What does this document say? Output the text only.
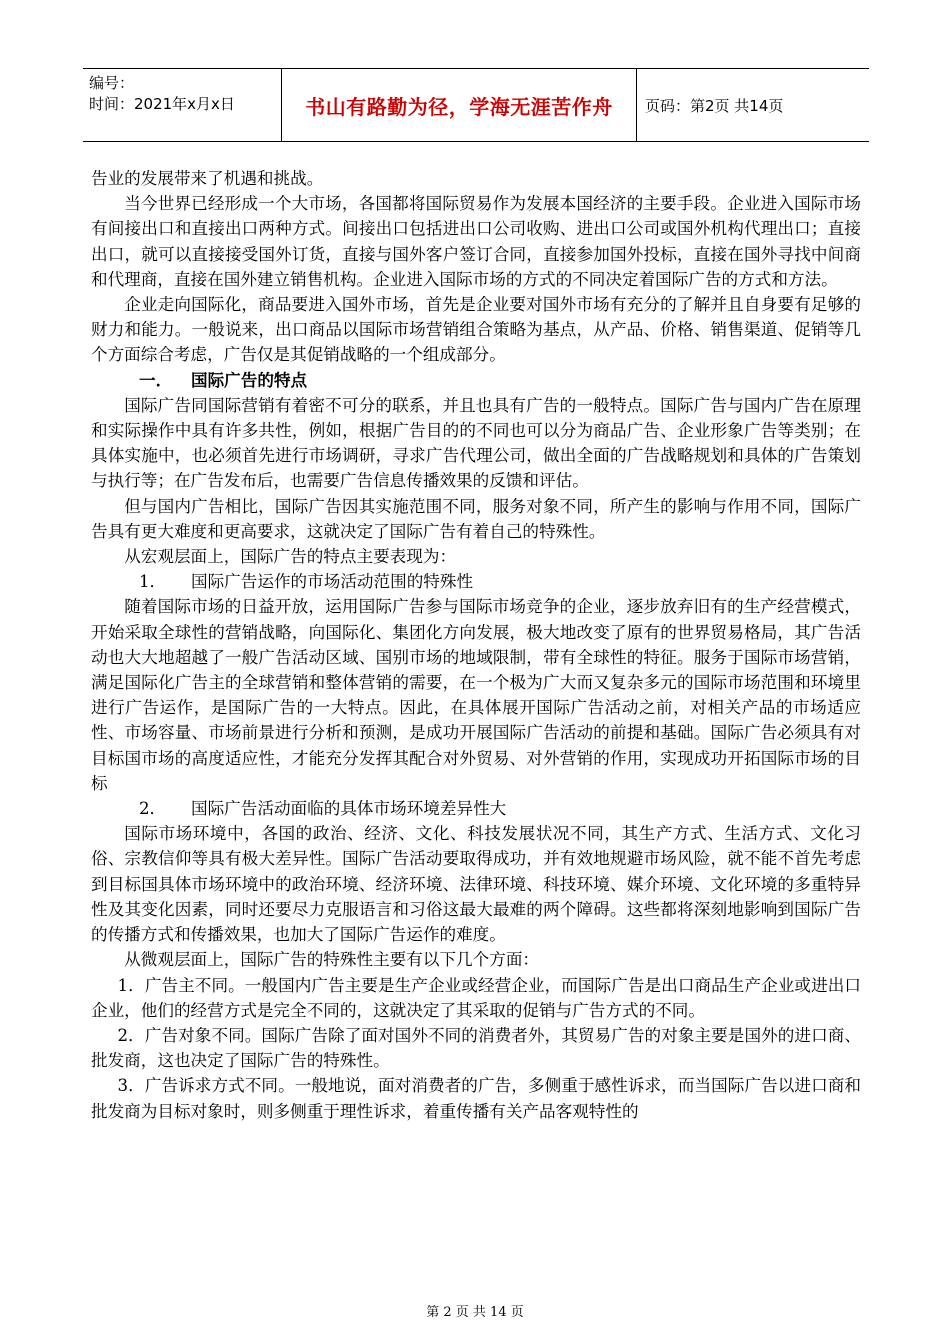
编号：
时间：2021年x月x日	书山有路勤为径，学海无涯苦作舟	页码：第2页 共14页

告业的发展带来了机遇和挑战。

当今世界已经形成一个大市场，各国都将国际贸易作为发展本国经济的主要手段。企业进入国际市场有间接出口和直接出口两种方式。间接出口包括进出口公司收购、进出口公司或国外机构代理出口；直接出口，就可以直接接受国外订货，直接与国外客户签订合同，直接参加国外投标，直接在国外寻找中间商和代理商，直接在国外建立销售机构。企业进入国际市场的方式的不同决定着国际广告的方式和方法。

企业走向国际化，商品要进入国外市场，首先是企业要对国外市场有充分的了解并且自身要有足够的财力和能力。一般说来，出口商品以国际市场营销组合策略为基点，从产品、价格、销售渠道、促销等几个方面综合考虑，广告仅是其促销战略的一个组成部分。

一． 国际广告的特点

国际广告同国际营销有着密不可分的联系，并且也具有广告的一般特点。国际广告与国内广告在原理和实际操作中具有许多共性，例如，根据广告目的的不同也可以分为商品广告、企业形象广告等类别；在具体实施中，也必须首先进行市场调研，寻求广告代理公司，做出全面的广告战略规划和具体的广告策划与执行等；在广告发布后，也需要广告信息传播效果的反馈和评估。

但与国内广告相比，国际广告因其实施范围不同，服务对象不同，所产生的影响与作用不同，国际广告具有更大难度和更高要求，这就决定了国际广告有着自己的特殊性。

从宏观层面上，国际广告的特点主要表现为：

1． 国际广告运作的市场活动范围的特殊性

随着国际市场的日益开放，运用国际广告参与国际市场竞争的企业，逐步放弃旧有的生产经营模式，开始采取全球性的营销战略，向国际化、集团化方向发展，极大地改变了原有的世界贸易格局，其广告活动也大大地超越了一般广告活动区域、国别市场的地域限制，带有全球性的特征。服务于国际市场营销，满足国际化广告主的全球营销和整体营销的需要，在一个极为广大而又复杂多元的国际市场范围和环境里进行广告运作，是国际广告的一大特点。因此，在具体展开国际广告活动之前，对相关产品的市场适应性、市场容量、市场前景进行分析和预测，是成功开展国际广告活动的前提和基础。国际广告必须具有对目标国市场的高度适应性，才能充分发挥其配合对外贸易、对外营销的作用，实现成功开拓国际市场的目标

2． 国际广告活动面临的具体市场环境差异性大

国际市场环境中，各国的政治、经济、文化、科技发展状况不同，其生产方式、生活方式、文化习俗、宗教信仰等具有极大差异性。国际广告活动要取得成功，并有效地规避市场风险，就不能不首先考虑到目标国具体市场环境中的政治环境、经济环境、法律环境、科技环境、媒介环境、文化环境的多重特异性及其变化因素，同时还要尽力克服语言和习俗这最大最难的两个障碍。这些都将深刻地影响到国际广告的传播方式和传播效果，也加大了国际广告运作的难度。

从微观层面上，国际广告的特殊性主要有以下几个方面：

1．广告主不同。一般国内广告主要是生产企业或经营企业，而国际广告是出口商品生产企业或进出口企业，他们的经营方式是完全不同的，这就决定了其采取的促销与广告方式的不同。

2．广告对象不同。国际广告除了面对国外不同的消费者外，其贸易广告的对象主要是国外的进口商、批发商，这也决定了国际广告的特殊性。

3．广告诉求方式不同。一般地说，面对消费者的广告，多侧重于感性诉求，而当国际广告以进口商和批发商为目标对象时，则多侧重于理性诉求，着重传播有关产品客观特性的

第 2 页 共 14 页
